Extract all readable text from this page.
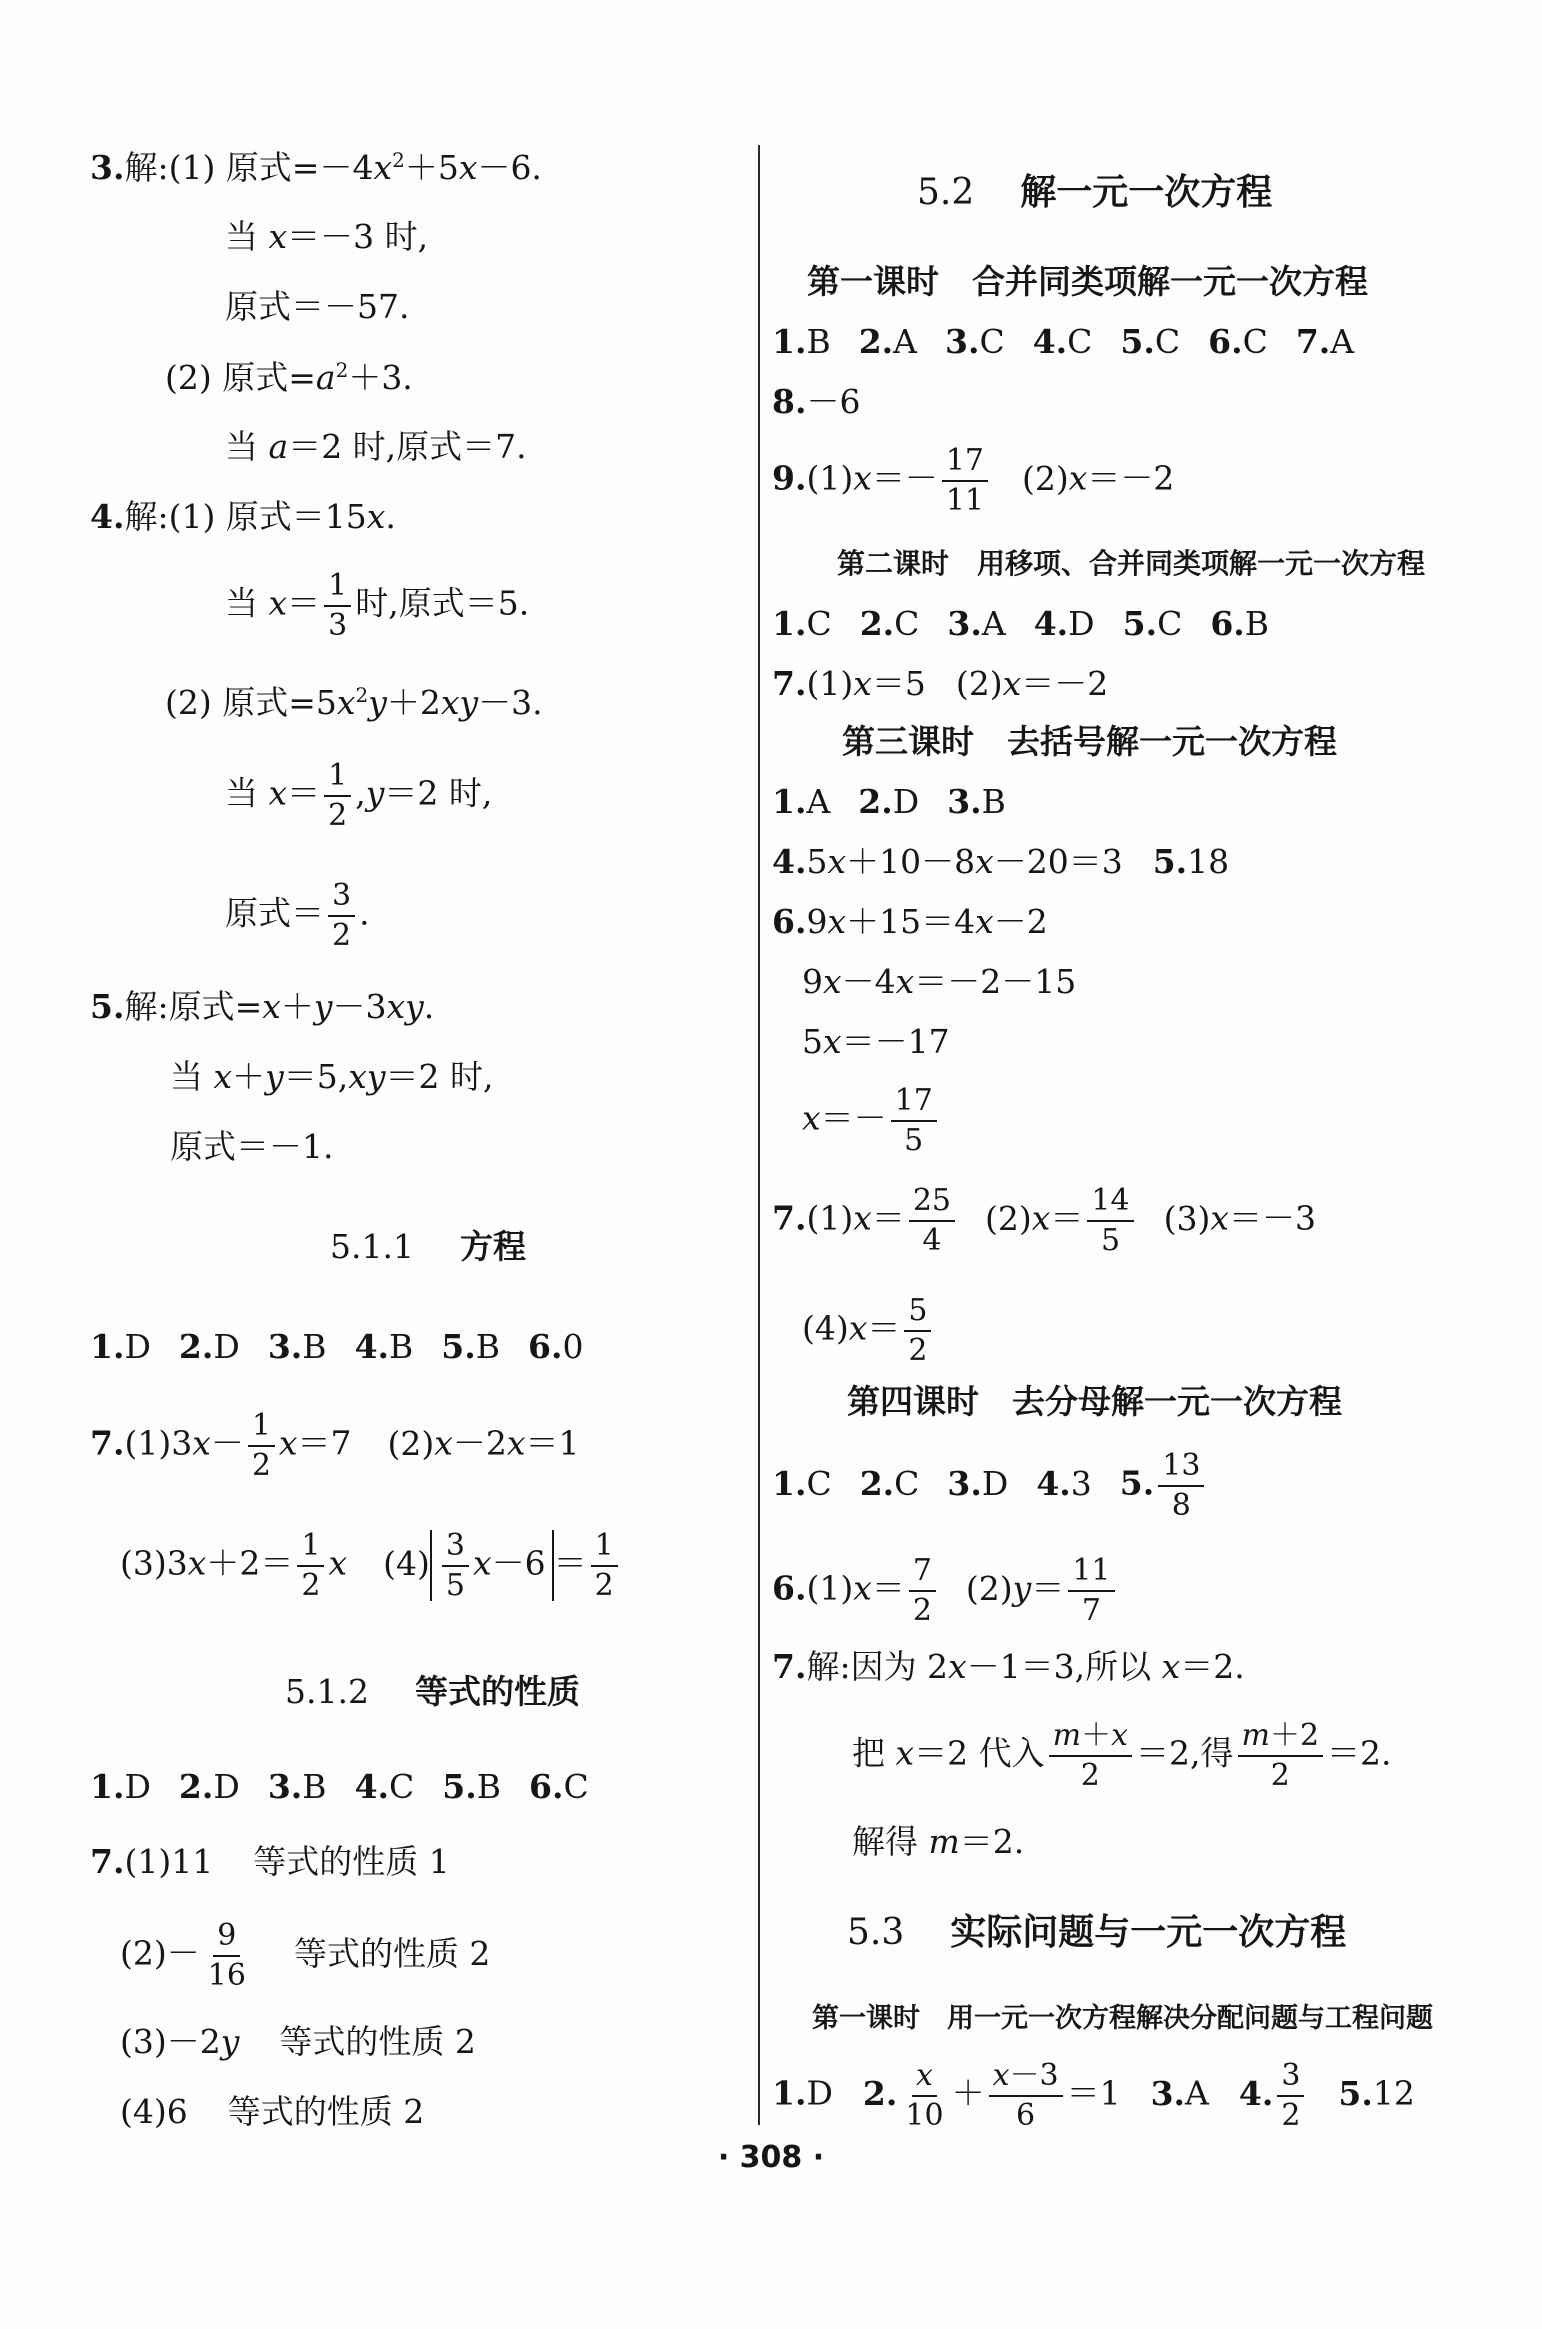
3.解:(1) 原式$=-4x^2+5x-6$.
当 x＝－3 时,
原式＝－57.
(2) 原式$=a^2+3$.
当 a＝2 时,原式＝7.
4.解:(1) 原式＝15x.
当 $x= \frac{1}{3}$ 时,原式＝5.
(2) 原式$=5x^2y+2xy-3$.
当 $x= \frac{1}{2} ,y=2$ 时,
原式＝ $\frac{3}{2}$ .
5.解:原式=x＋y－3xy.
当 x＋y＝5,xy＝2 时,
原式＝－1.
5.1.1 方程
1.D 2.D 3.B 4.B 5.B 6.0
$7.(1)3x- \frac{1}{2} x=7$ (2)x－2x＝1
$(3)3x+2= \frac{1}{2}$ x $(4) \frac{3}{5} x-6 = \frac{1}{2}$
5.1.2 等式的性质
1.D 2.D 3.B 4.C 5.B 6.C
7.(1)11 等式的性质 1
$(2)- \frac{9}{16}$ 等式的性质 2
(3)－2y 等式的性质 2
(4)6 等式的性质 2
5.2 解一元一次方程
第一课时　合并同类项解一元一次方程
1.B 2.A 3.C 4.C 5.C 6.C 7.A
8.－6
$9.(1)x=- \frac{17}{11} (2)x=-2$
第二课时　用移项、合并同类项解一元一次方程
1.C 2.C 3.A 4.D 5.C 6.B
7.(1)x＝5 (2)x＝－2
第三课时　去括号解一元一次方程
1.A 2.D 3.B
4.5x＋10－8x－20＝3 5.18
6.9x＋15＝4x－2
9x－4x＝－2－15
5x＝－17
$x=- \frac{17}{5}$
$7.(1)x= \frac{25}{4} (2)x= \frac{14}{5} (3)x=-3$
$(4)x= \frac{5}{2}$
第四课时　去分母解一元一次方程
1.C 2.C 3.D 4.3 5. $\frac{13}{8}$
$6.(1)x= \frac{7}{2} (2)y= \frac{11}{7}$
7.解:因为 2x－1＝3,所以 x＝2.
把 x＝2 代入 $\frac{m+x}{2} =2$,得 $\frac{m+2}{2} =2$.
解得 m＝2.
5.3 实际问题与一元一次方程
第一课时　用一元一次方程解决分配问题与工程问题
1.D 2. $\frac{x}{10} + \frac{x-3}{6} =1$ 3.A 4. $\frac{3}{2} 5.12$
· 308 ·
